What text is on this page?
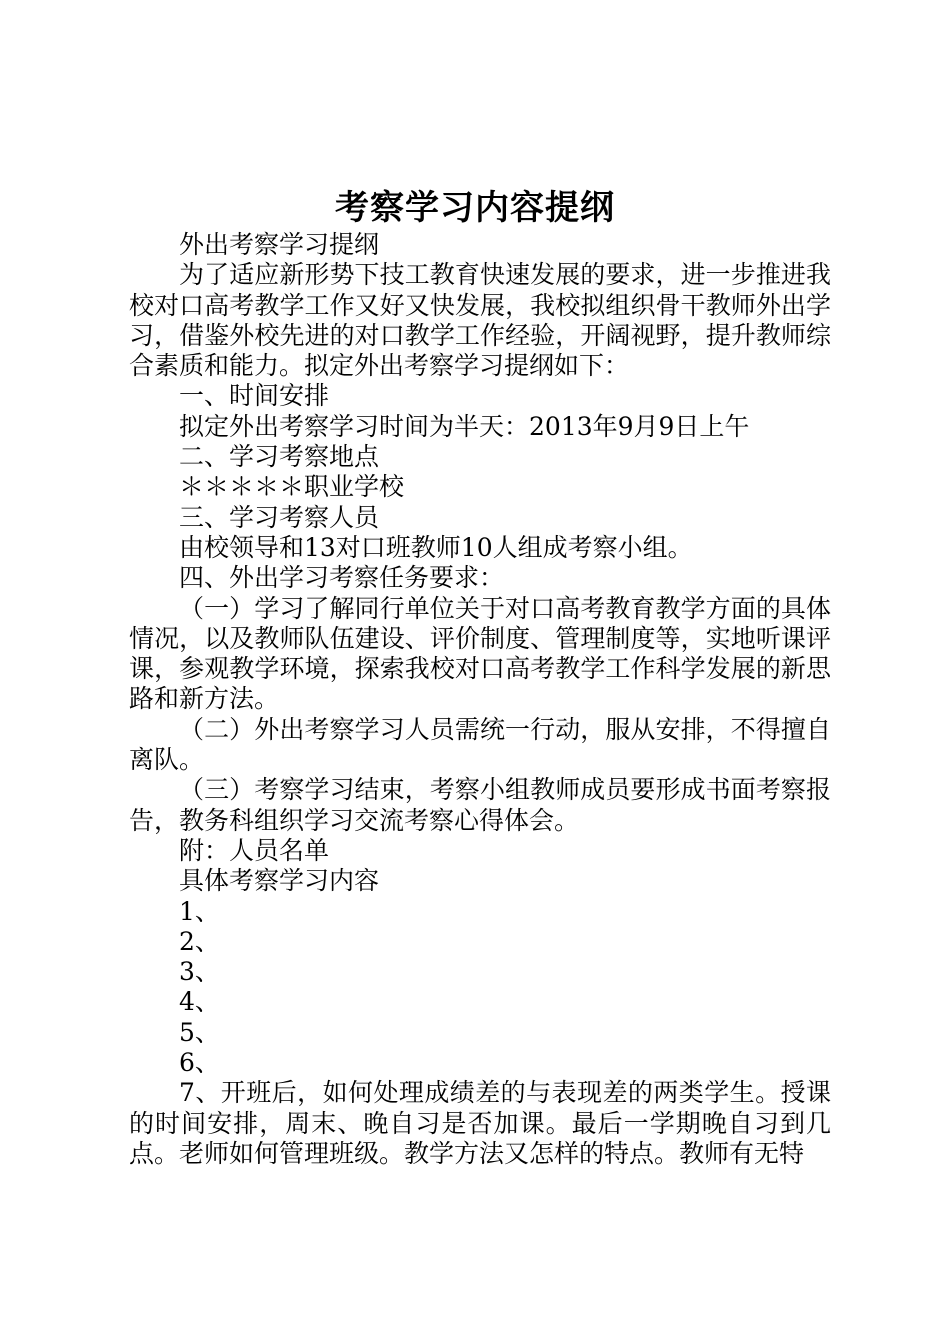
考察学习内容提纲

外出考察学习提纲

为了适应新形势下技工教育快速发展的要求，进一步推进我校对口高考教学工作又好又快发展，我校拟组织骨干教师外出学习，借鉴外校先进的对口教学工作经验，开阔视野，提升教师综合素质和能力。拟定外出考察学习提纲如下：

一、时间安排

拟定外出考察学习时间为半天：2013年9月9日上午

二、学习考察地点

＊＊＊＊＊职业学校

三、学习考察人员

由校领导和13对口班教师10人组成考察小组。

四、外出学习考察任务要求：

（一）学习了解同行单位关于对口高考教育教学方面的具体情况，以及教师队伍建设、评价制度、管理制度等，实地听课评课，参观教学环境，探索我校对口高考教学工作科学发展的新思路和新方法。

（二）外出考察学习人员需统一行动，服从安排，不得擅自离队。

（三）考察学习结束，考察小组教师成员要形成书面考察报告，教务科组织学习交流考察心得体会。

附：人员名单

具体考察学习内容

1、

2、

3、

4、

5、

6、

7、开班后，如何处理成绩差的与表现差的两类学生。授课的时间安排，周末、晚自习是否加课。最后一学期晚自习到几点。老师如何管理班级。教学方法又怎样的特点。教师有无特
